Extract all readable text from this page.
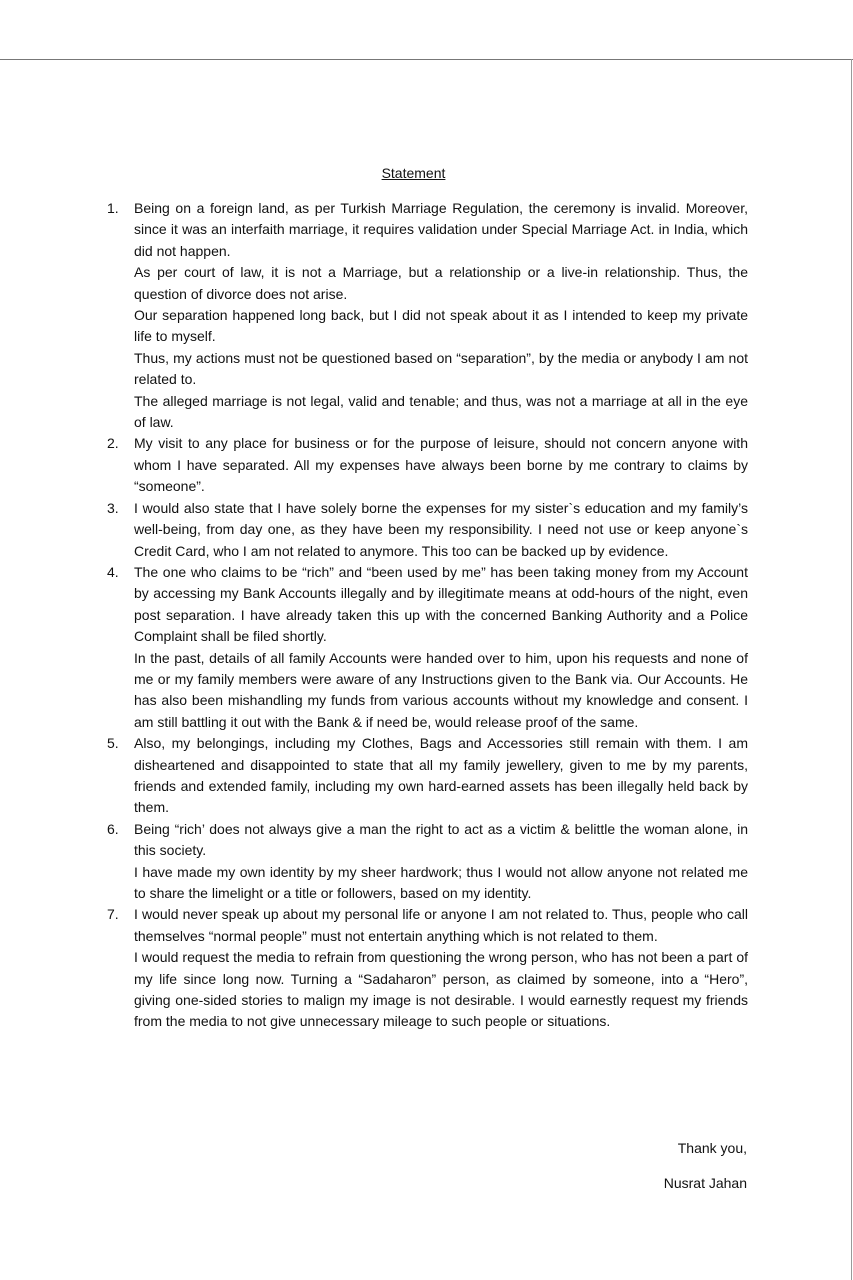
Statement
1.	Being on a foreign land, as per Turkish Marriage Regulation, the ceremony is invalid. Moreover, since it was an interfaith marriage, it requires validation under Special Marriage Act. in India, which did not happen.

As per court of law, it is not a Marriage, but a relationship or a live-in relationship. Thus, the question of divorce does not arise.

Our separation happened long back, but I did not speak about it as I intended to keep my private life to myself.

Thus, my actions must not be questioned based on “separation”, by the media or anybody I am not related to.

The alleged marriage is not legal, valid and tenable; and thus, was not a marriage at all in the eye of law.

2.	My visit to any place for business or for the purpose of leisure, should not concern anyone with whom I have separated. All my expenses have always been borne by me contrary to claims by “someone”.

3.	I would also state that I have solely borne the expenses for my sister`s education and my family’s well-being, from day one, as they have been my responsibility. I need not use or keep anyone`s Credit Card, who I am not related to anymore. This too can be backed up by evidence.

4.	The one who claims to be “rich” and “been used by me” has been taking money from my Account by accessing my Bank Accounts illegally and by illegitimate means at odd-hours of the night, even post separation. I have already taken this up with the concerned Banking Authority and a Police Complaint shall be filed shortly.

In the past, details of all family Accounts were handed over to him, upon his requests and none of me or my family members were aware of any Instructions given to the Bank via. Our Accounts. He has also been mishandling my funds from various accounts without my knowledge and consent. I am still battling it out with the Bank & if need be, would release proof of the same.

5.	Also, my belongings, including my Clothes, Bags and Accessories still remain with them. I am disheartened and disappointed to state that all my family jewellery, given to me by my parents, friends and extended family, including my own hard-earned assets has been illegally held back by them.

6.	Being “rich’ does not always give a man the right to act as a victim & belittle the woman alone, in this society.

I have made my own identity by my sheer hardwork; thus I would not allow anyone not related me to share the limelight or a title or followers, based on my identity.

7.	I would never speak up about my personal life or anyone I am not related to. Thus, people who call themselves “normal people” must not entertain anything which is not related to them.

I would request the media to refrain from questioning the wrong person, who has not been a part of my life since long now. Turning a “Sadaharon” person, as claimed by someone, into a “Hero”, giving one-sided stories to malign my image is not desirable. I would earnestly request my friends from the media to not give unnecessary mileage to such people or situations.

Thank you,
Nusrat Jahan
